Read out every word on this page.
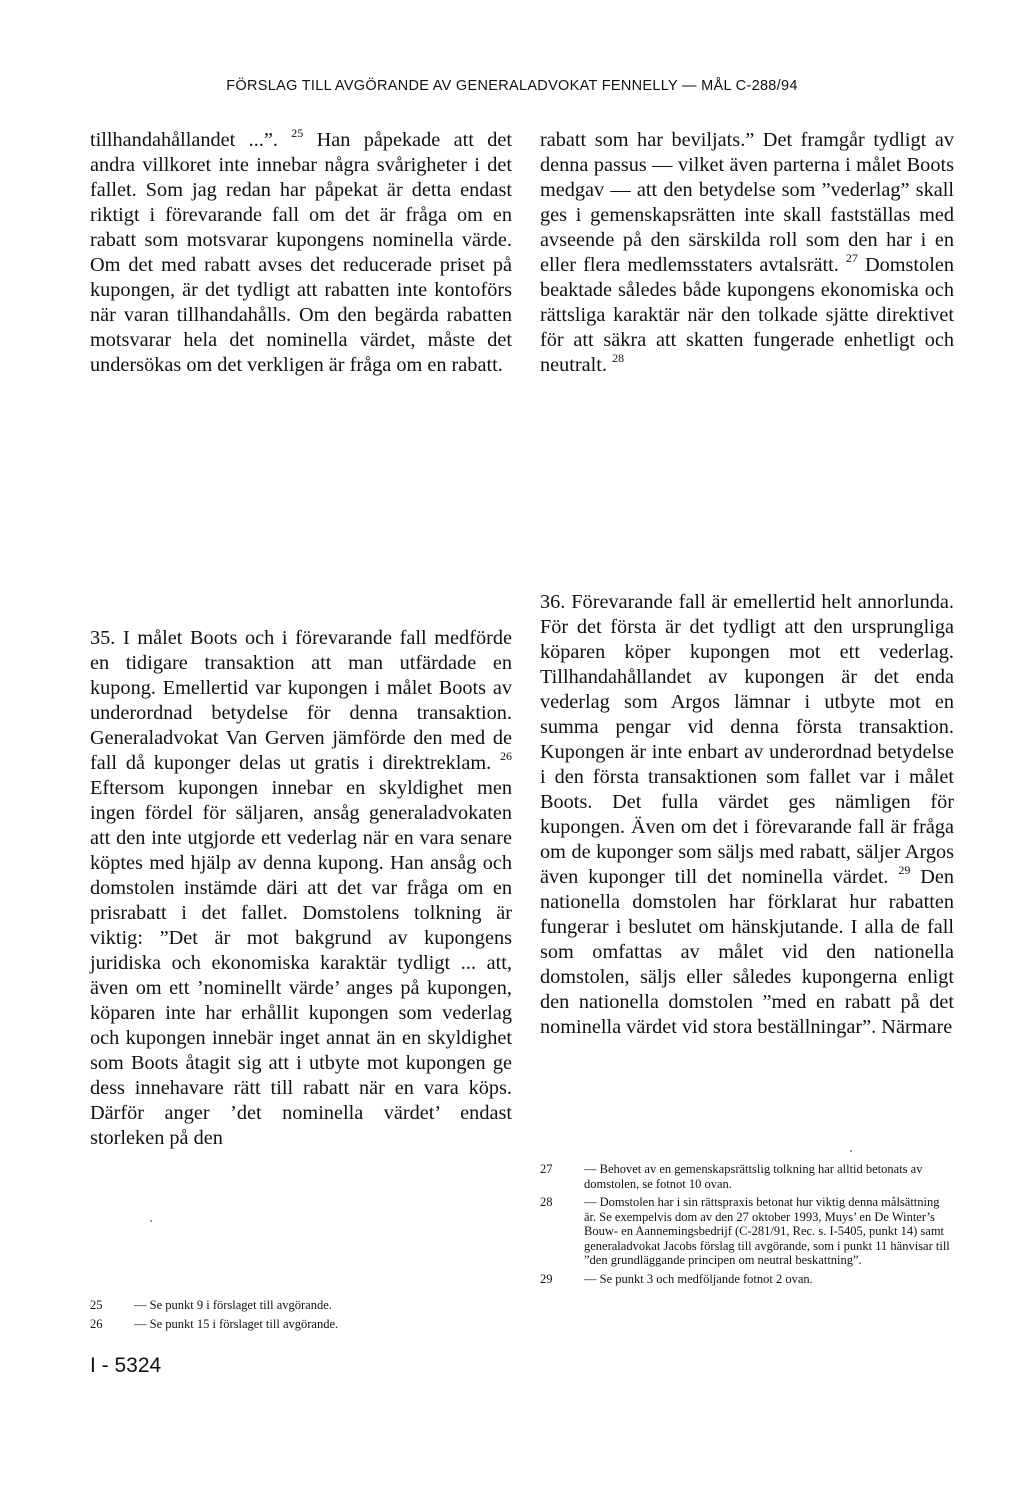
FÖRSLAG TILL AVGÖRANDE AV GENERALADVOKAT FENNELLY — MÅL C-288/94

tillhandahållandet ...”. $^{25}$ Han påpekade att det andra villkoret inte innebar några svårigheter i det fallet. Som jag redan har påpekat är detta endast riktigt i förevarande fall om det är fråga om en rabatt som motsvarar kupongens nominella värde. Om det med rabatt avses det reducerade priset på kupongen, är det tydligt att rabatten inte kontoförs när varan tillhandahålls. Om den begärda rabatten motsvarar hela det nominella värdet, måste det undersökas om det verkligen är fråga om en rabatt.

rabatt som har beviljats.” Det framgår tydligt av denna passus — vilket även parterna i målet Boots medgav — att den betydelse som ”vederlag” skall ges i gemenskapsrätten inte skall fastställas med avseende på den särskilda roll som den har i en eller flera medlemsstaters avtalsrätt. $^{27}$ Domstolen beaktade således både kupongens ekonomiska och rättsliga karaktär när den tolkade sjätte direktivet för att säkra att skatten fungerade enhetligt och neutralt. $^{28}$

35. I målet Boots och i förevarande fall medförde en tidigare transaktion att man utfärdade en kupong. Emellertid var kupongen i målet Boots av underordnad betydelse för denna transaktion. Generaladvokat Van Gerven jämförde den med de fall då kuponger delas ut gratis i direktreklam. $^{26}$ Eftersom kupongen innebar en skyldighet men ingen fördel för säljaren, ansåg generaladvokaten att den inte utgjorde ett vederlag när en vara senare köptes med hjälp av denna kupong. Han ansåg och domstolen instämde däri att det var fråga om en prisrabatt i det fallet. Domstolens tolkning är viktig: ”Det är mot bakgrund av kupongens juridiska och ekonomiska karaktär tydligt ... att, även om ett ’nominellt värde’ anges på kupongen, köparen inte har erhållit kupongen som vederlag och kupongen innebär inget annat än en skyldighet som Boots åtagit sig att i utbyte mot kupongen ge dess innehavare rätt till rabatt när en vara köps. Därför anger ’det nominella värdet’ endast storleken på den

36. Förevarande fall är emellertid helt annorlunda. För det första är det tydligt att den ursprungliga köparen köper kupongen mot ett vederlag. Tillhandahållandet av kupongen är det enda vederlag som Argos lämnar i utbyte mot en summa pengar vid denna första transaktion. Kupongen är inte enbart av underordnad betydelse i den första transaktionen som fallet var i målet Boots. Det fulla värdet ges nämligen för kupongen. Även om det i förevarande fall är fråga om de kuponger som säljs med rabatt, säljer Argos även kuponger till det nominella värdet. $^{29}$ Den nationella domstolen har förklarat hur rabatten fungerar i beslutet om hänskjutande. I alla de fall som omfattas av målet vid den nationella domstolen, säljs eller således kupongerna enligt den nationella domstolen ”med en rabatt på det nominella värdet vid stora beställningar”. Närmare

25	— Se punkt 9 i förslaget till avgörande.
26	— Se punkt 15 i förslaget till avgörande.
27	— Behovet av en gemenskapsrättslig tolkning har alltid betonats av domstolen, se fotnot 10 ovan.
28	— Domstolen har i sin rättspraxis betonat hur viktig denna målsättning är. Se exempelvis dom av den 27 oktober 1993, Muys’ en De Winter’s Bouw- en Aannemingsbedrijf (C-281/91, Rec. s. I-5405, punkt 14) samt generaladvokat Jacobs förslag till avgörande, som i punkt 11 hänvisar till ”den grundläggande principen om neutral beskattning”.
29	— Se punkt 3 och medföljande fotnot 2 ovan.
I - 5324
